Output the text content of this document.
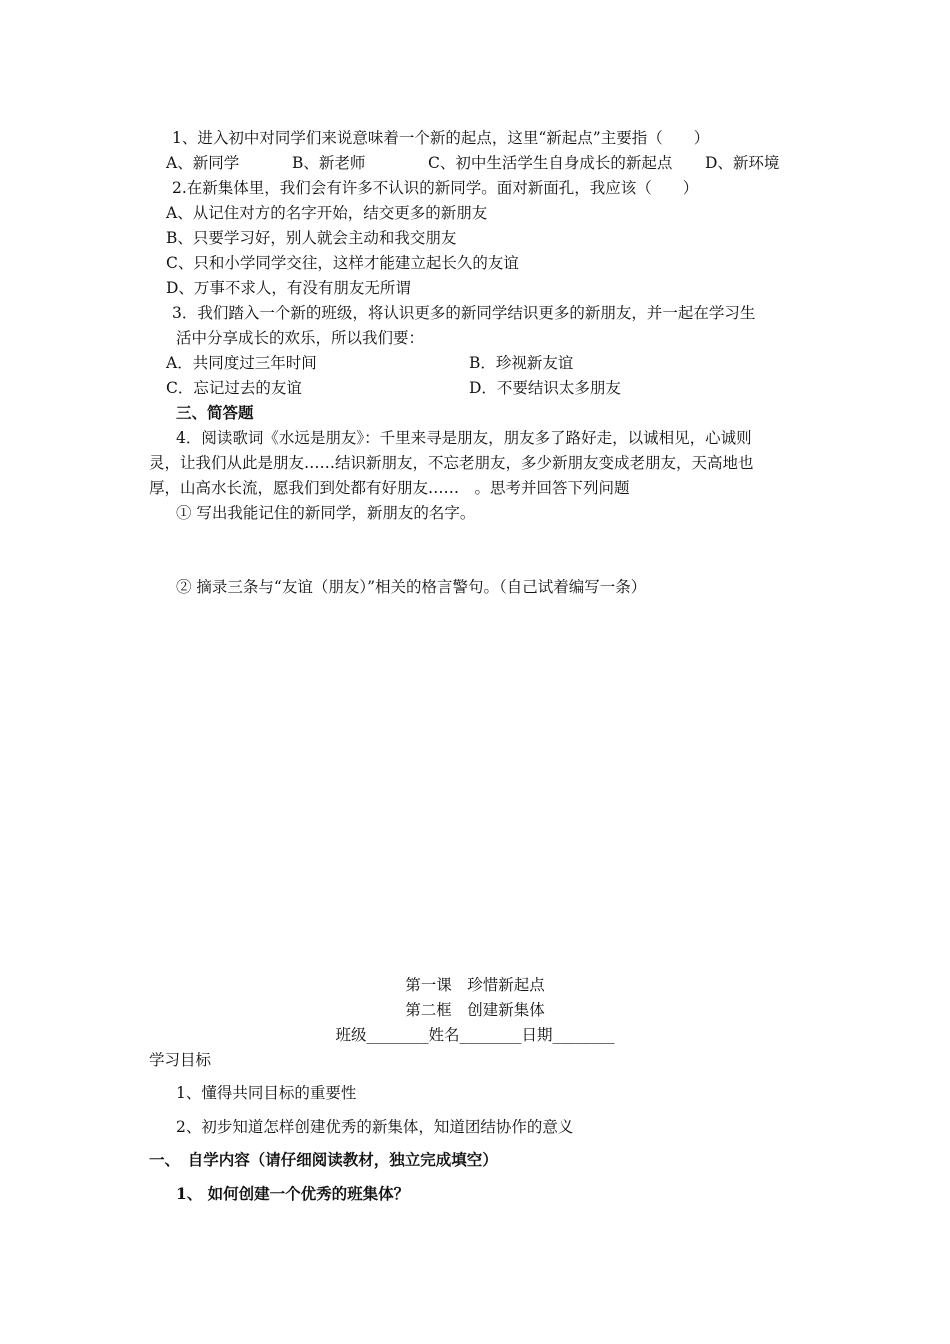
1、进入初中对同学们来说意味着一个新的起点，这里“新起点”主要指（　　）
A、新同学	B、新老师	C、初中生活学生自身成长的新起点 D、新环境
2.在新集体里，我们会有许多不认识的新同学。面对新面孔，我应该（　　）
A、从记住对方的名字开始，结交更多的新朋友
B、只要学习好，别人就会主动和我交朋友
C、只和小学同学交往，这样才能建立起长久的友谊
D、万事不求人，有没有朋友无所谓
3．我们踏入一个新的班级，将认识更多的新同学结识更多的新朋友，并一起在学习生
活中分享成长的欢乐，所以我们要：
A．共同度过三年时间	B．珍视新友谊
C．忘记过去的友谊	D．不要结识太多朋友
三、简答题
4．阅读歌词《水远是朋友》：千里来寻是朋友，朋友多了路好走，以诚相见，心诚则
灵，让我们从此是朋友……结识新朋友，不忘老朋友，多少新朋友变成老朋友，天高地也
厚，山高水长流，愿我们到处都有好朋友……　。思考并回答下列问题
① 写出我能记住的新同学，新朋友的名字。
② 摘录三条与“友谊（朋友）”相关的格言警句。（自己试着编写一条）
第一课　珍惜新起点
第二框　创建新集体
班级________姓名________日期________
学习目标
1、懂得共同目标的重要性
2、初步知道怎样创建优秀的新集体，知道团结协作的意义
一、　自学内容（请仔细阅读教材，独立完成填空）
1、 如何创建一个优秀的班集体？
